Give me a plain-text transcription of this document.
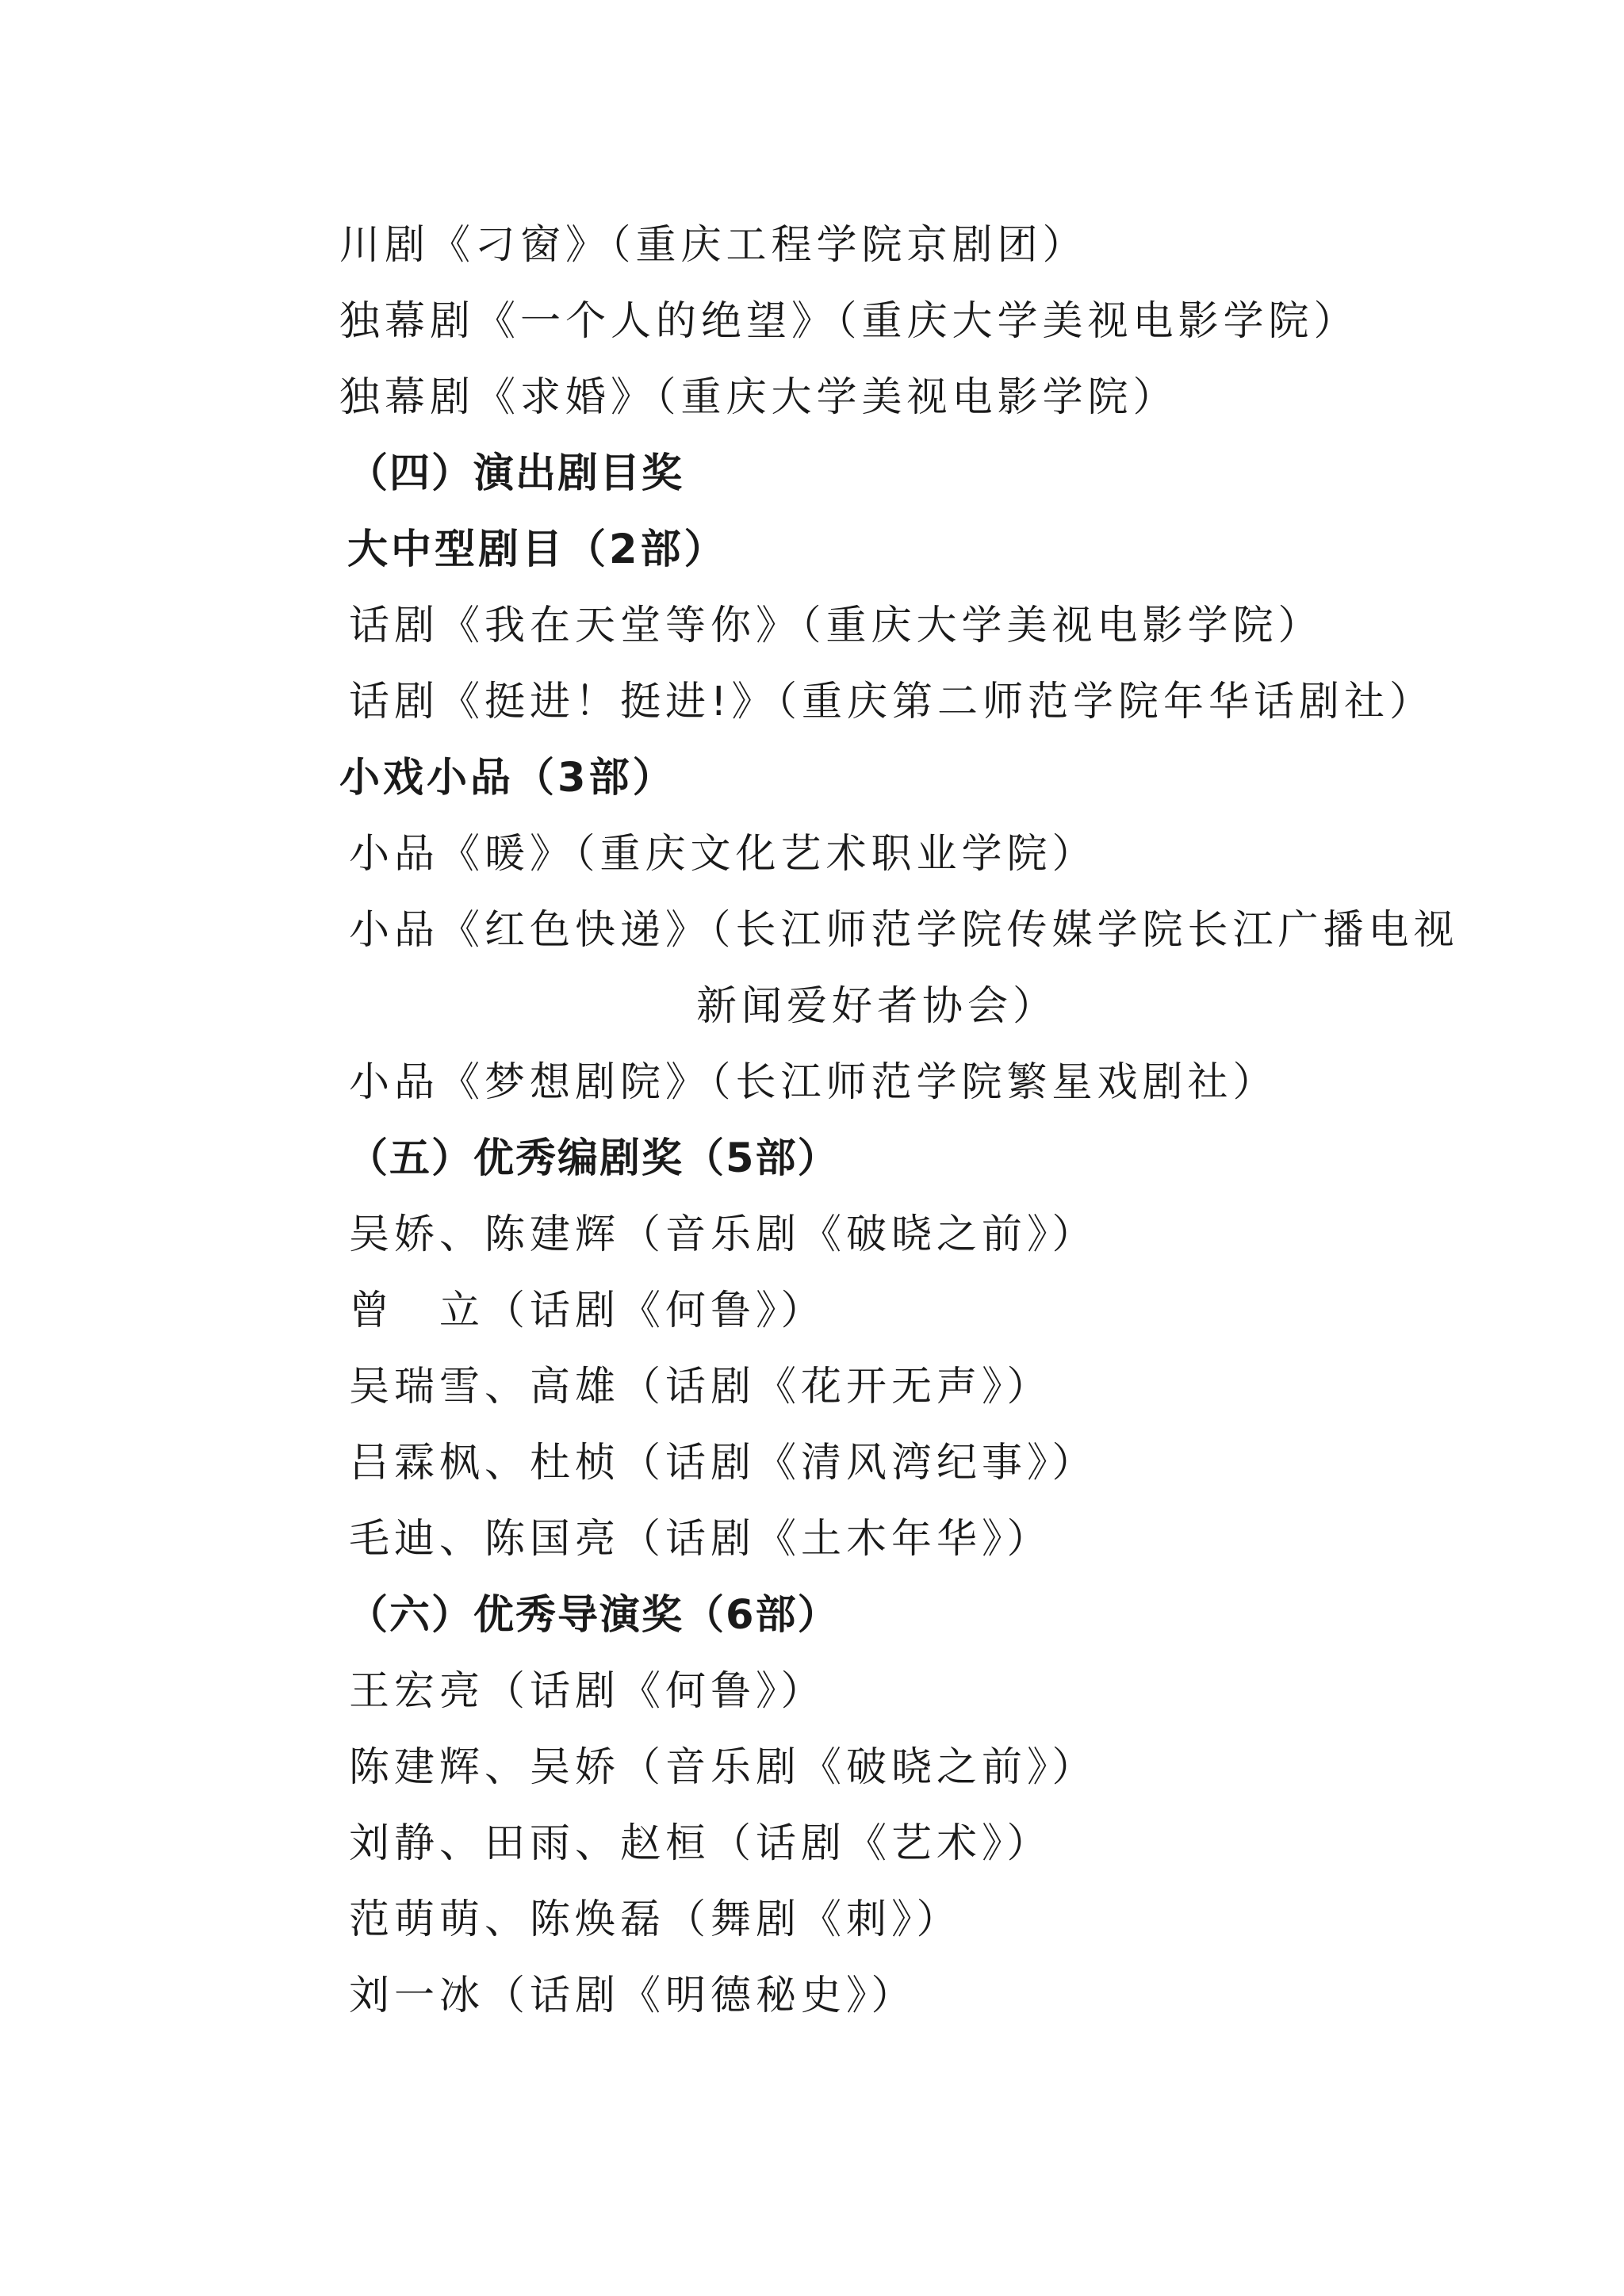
川剧《刁窗》（重庆工程学院京剧团）
独幕剧《一个人的绝望》（重庆大学美视电影学院）
独幕剧《求婚》（重庆大学美视电影学院）
（四）演出剧目奖
大中型剧目（2部）
话剧《我在天堂等你》（重庆大学美视电影学院）
话剧《挺进！挺进!》（重庆第二师范学院年华话剧社）
小戏小品（3部）
小品《暖》（重庆文化艺术职业学院）
小品《红色快递》（长江师范学院传媒学院长江广播电视
新闻爱好者协会）
小品《梦想剧院》（长江师范学院繁星戏剧社）
（五）优秀编剧奖（5部）
吴娇、陈建辉（音乐剧《破晓之前》）
曾　立（话剧《何鲁》）
吴瑞雪、高雄（话剧《花开无声》）
吕霖枫、杜桢（话剧《清风湾纪事》）
毛迪、陈国亮（话剧《土木年华》）
（六）优秀导演奖（6部）
王宏亮（话剧《何鲁》）
陈建辉、吴娇（音乐剧《破晓之前》）
刘静、田雨、赵桓（话剧《艺术》）
范萌萌、陈焕磊（舞剧《刺》）
刘一冰（话剧《明德秘史》）
